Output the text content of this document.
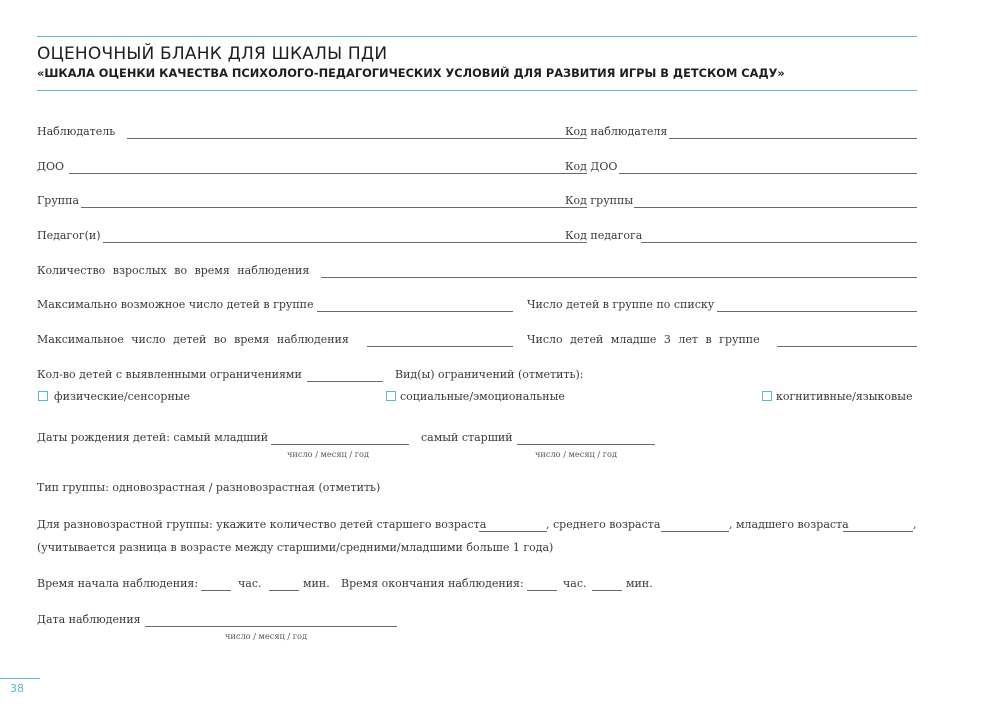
ОЦЕНОЧНЫЙ БЛАНК ДЛЯ ШКАЛЫ ПДИ
«ШКАЛА ОЦЕНКИ КАЧЕСТВА ПСИХОЛОГО-ПЕДАГОГИЧЕСКИХ УСЛОВИЙ ДЛЯ РАЗВИТИЯ ИГРЫ В ДЕТСКОМ САДУ»
Наблюдатель	Код наблюдателя
ДОО	Код ДОО
Группа	Код группы
Педагог(и)	Код педагога
Количество взрослых во время наблюдения
Максимально возможное число детей в группе	Число детей в группе по списку
Максимальное число детей во время наблюдения	Число детей младше 3 лет в группе
Кол-во детей с выявленными ограничениями	Вид(ы) ограничений (отметить):
физические/сенсорные	социальные/эмоциональные	когнитивные/языковые
Даты рождения детей: самый младший
число / месяц / год
самый старший
число / месяц / год
Тип группы: одновозрастная / разновозрастная (отметить)
Для разновозрастной группы: укажите количество детей старшего возраста	, среднего возраста	, младшего возраста	,
(учитывается разница в возрасте между старшими/средними/младшими больше 1 года)
Время начала наблюдения:	час.	мин. Время окончания наблюдения:	час.	мин.
Дата наблюдения
число / месяц / год
38
